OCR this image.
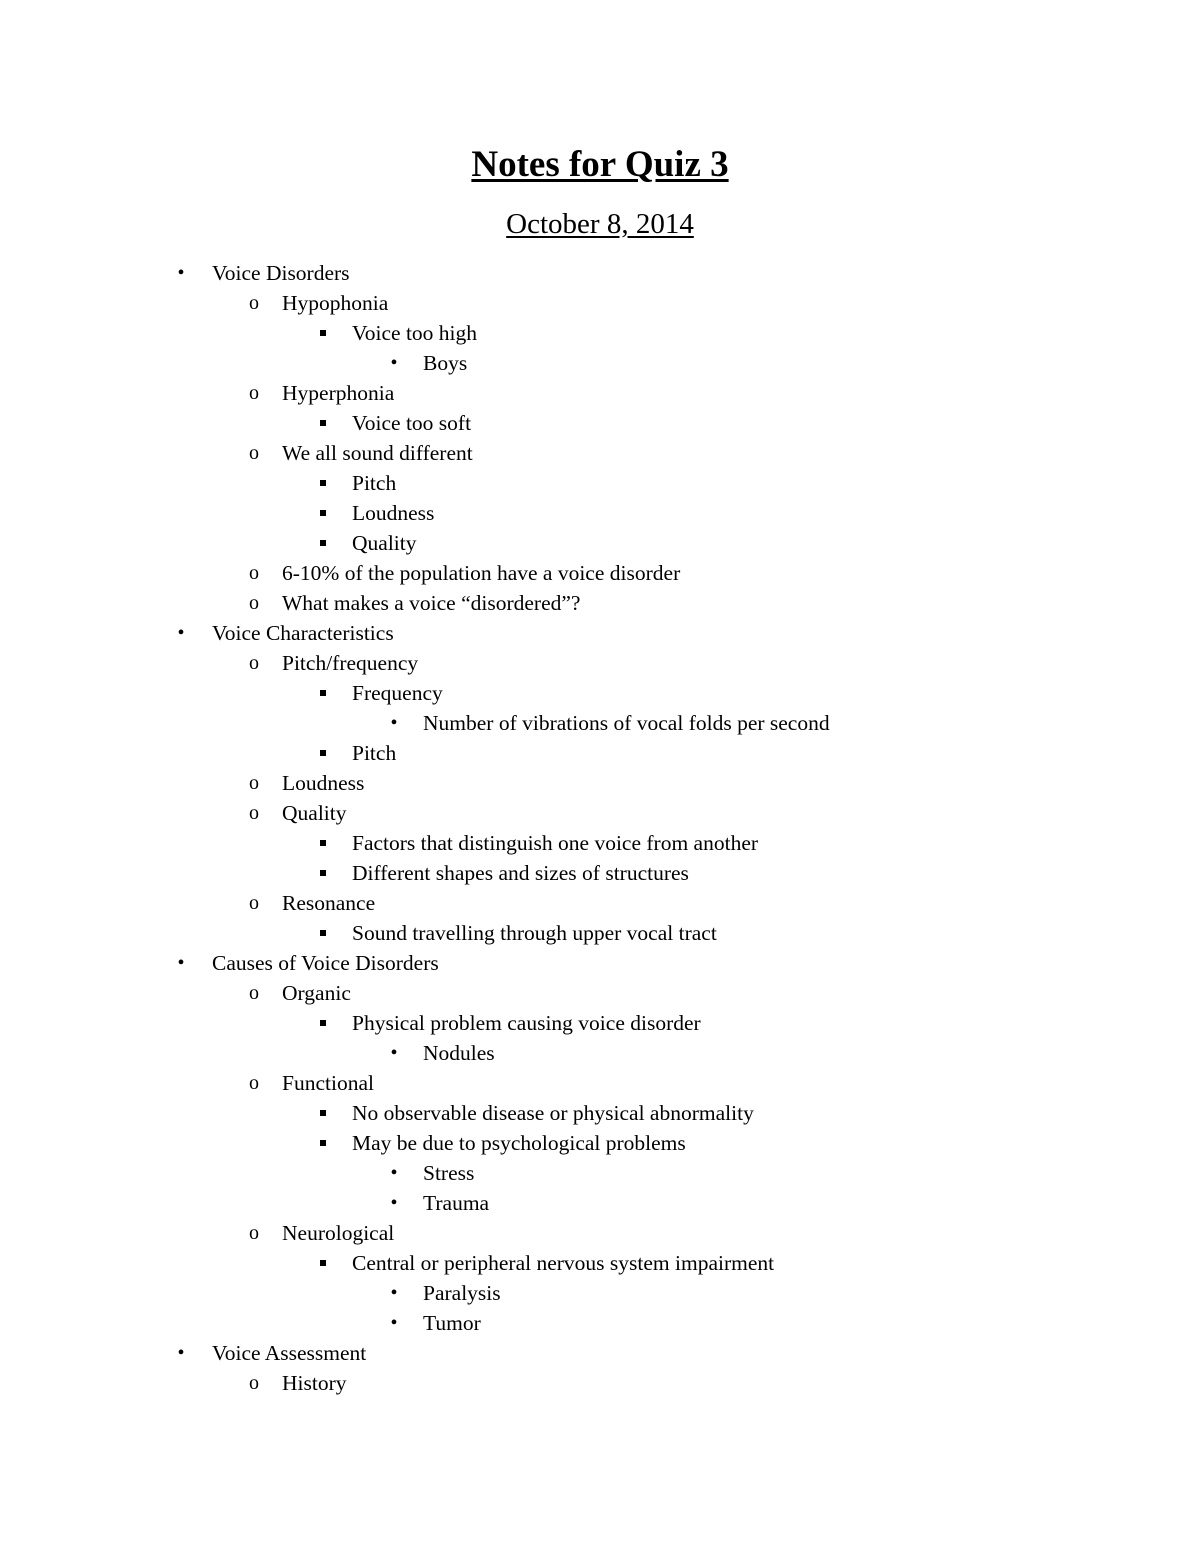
Notes for Quiz 3
October 8, 2014
•	Voice Disorders
o Hypophonia
Voice too high
•	Boys
o Hyperphonia
Voice too soft
o We all sound different
Pitch
Loudness
Quality
o 6-10% of the population have a voice disorder
o What makes a voice “disordered”?
•	Voice Characteristics
o Pitch/frequency
Frequency
•	Number of vibrations of vocal folds per second
Pitch
o Loudness
o Quality
Factors that distinguish one voice from another
Different shapes and sizes of structures
o Resonance
Sound travelling through upper vocal tract
•	Causes of Voice Disorders
o Organic
Physical problem causing voice disorder
•	Nodules
o Functional
No observable disease or physical abnormality
May be due to psychological problems
•	Stress
•	Trauma
o Neurological
Central or peripheral nervous system impairment
•	Paralysis
•	Tumor
•	Voice Assessment
o History
